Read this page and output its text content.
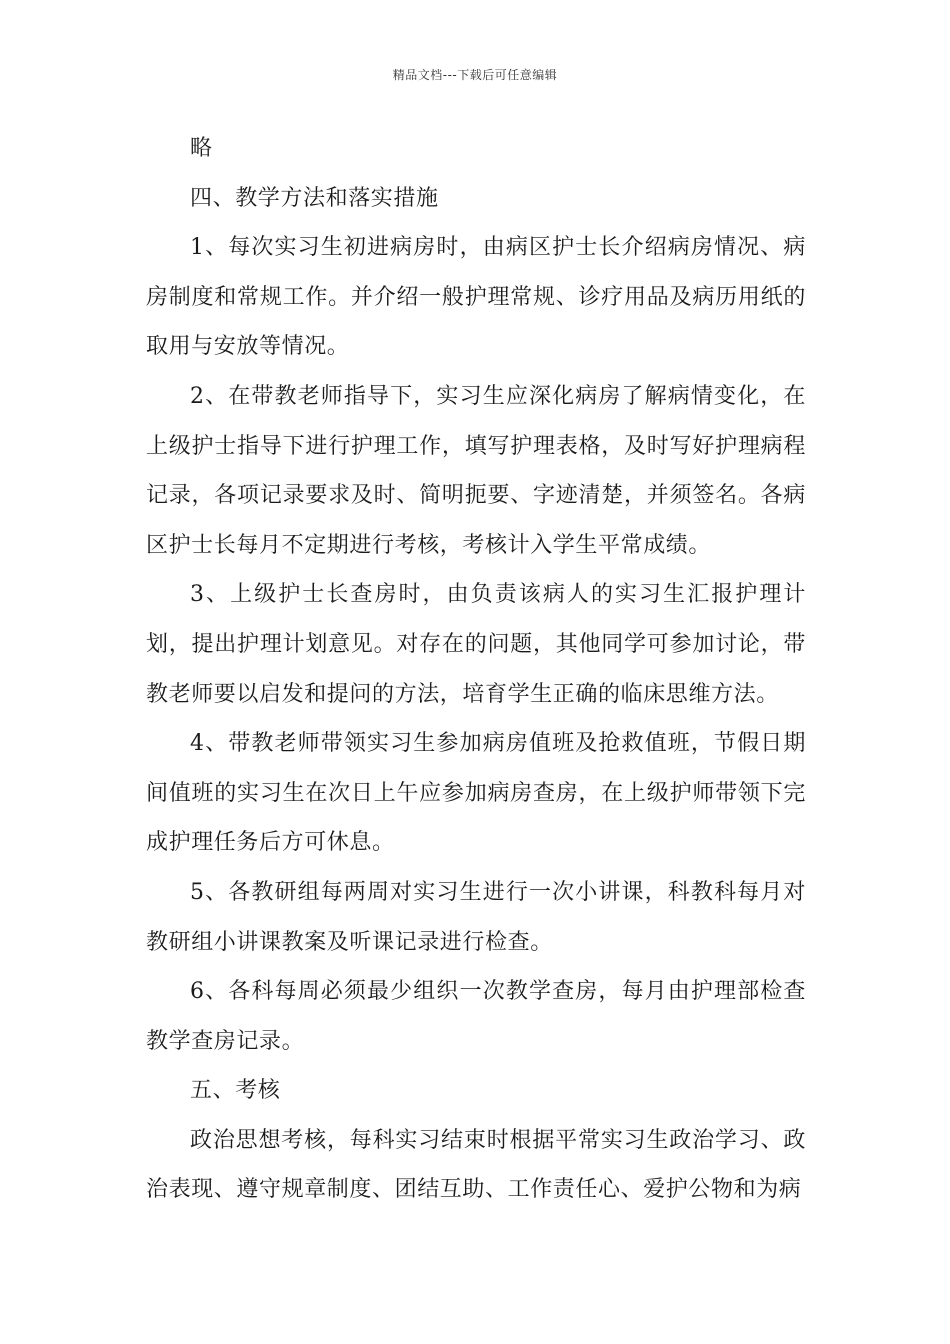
精品文档---下载后可任意编辑

略

四、教学方法和落实措施

1、每次实习生初进病房时，由病区护士长介绍病房情况、病房制度和常规工作。并介绍一般护理常规、诊疗用品及病历用纸的取用与安放等情况。

2、在带教老师指导下，实习生应深化病房了解病情变化，在上级护士指导下进行护理工作，填写护理表格，及时写好护理病程记录，各项记录要求及时、简明扼要、字迹清楚，并须签名。各病区护士长每月不定期进行考核，考核计入学生平常成绩。

3、上级护士长查房时，由负责该病人的实习生汇报护理计划，提出护理计划意见。对存在的问题，其他同学可参加讨论，带教老师要以启发和提问的方法，培育学生正确的临床思维方法。

4、带教老师带领实习生参加病房值班及抢救值班，节假日期间值班的实习生在次日上午应参加病房查房，在上级护师带领下完成护理任务后方可休息。

5、各教研组每两周对实习生进行一次小讲课，科教科每月对教研组小讲课教案及听课记录进行检查。

6、各科每周必须最少组织一次教学查房，每月由护理部检查教学查房记录。

五、考核

政治思想考核，每科实习结束时根据平常实习生政治学习、政治表现、遵守规章制度、团结互助、工作责任心、爱护公物和为病
